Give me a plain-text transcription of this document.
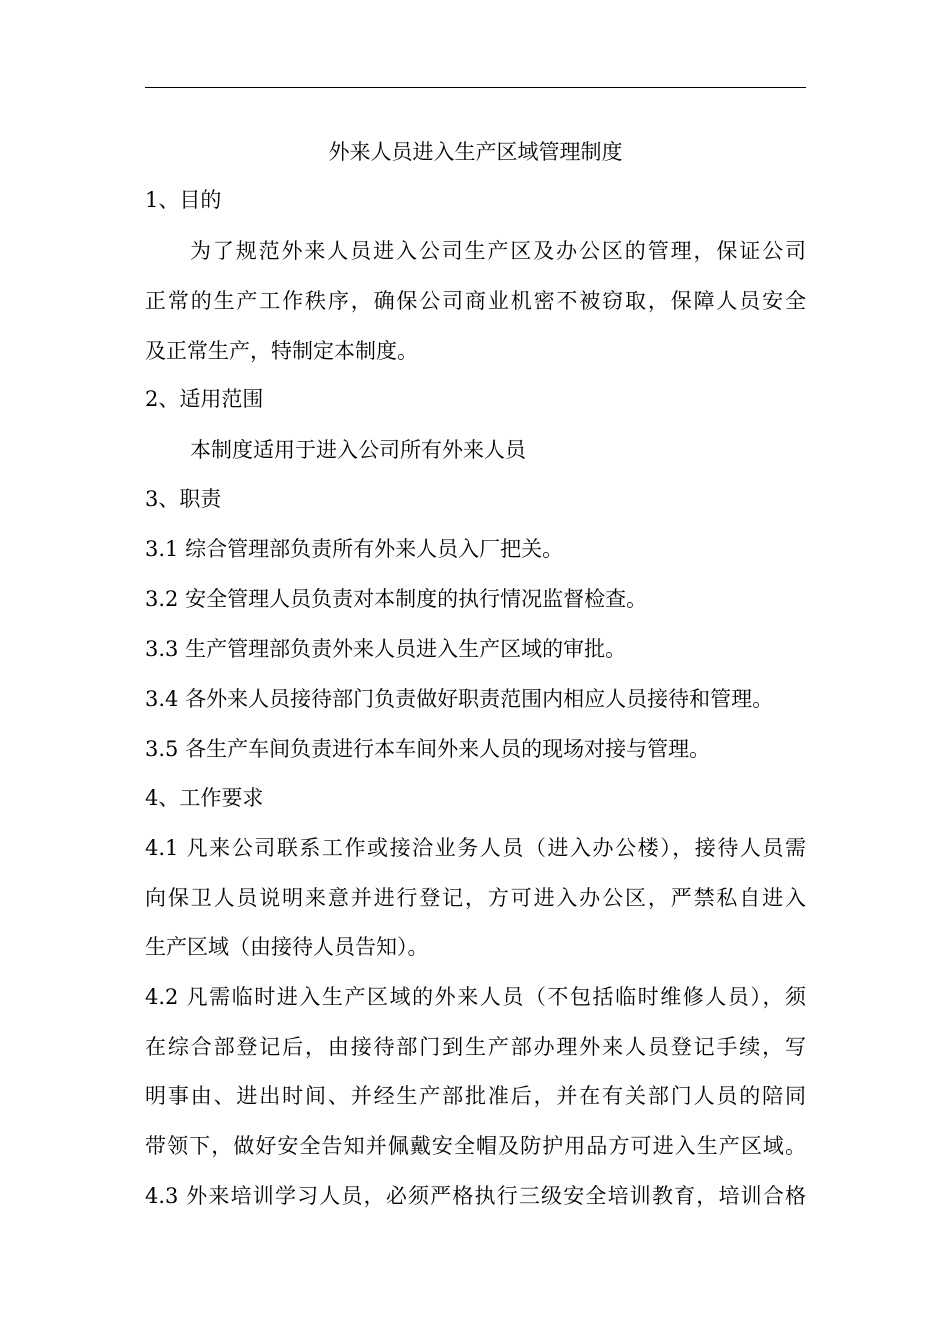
外来人员进入生产区域管理制度
1、目的
为了规范外来人员进入公司生产区及办公区的管理，保证公司
正常的生产工作秩序，确保公司商业机密不被窃取，保障人员安全
及正常生产，特制定本制度。
2、适用范围
本制度适用于进入公司所有外来人员
3、职责
3.1 综合管理部负责所有外来人员入厂把关。
3.2 安全管理人员负责对本制度的执行情况监督检查。
3.3 生产管理部负责外来人员进入生产区域的审批。
3.4 各外来人员接待部门负责做好职责范围内相应人员接待和管理。
3.5 各生产车间负责进行本车间外来人员的现场对接与管理。
4、工作要求
4.1 凡来公司联系工作或接洽业务人员（进入办公楼），接待人员需
向保卫人员说明来意并进行登记，方可进入办公区，严禁私自进入
生产区域（由接待人员告知）。
4.2 凡需临时进入生产区域的外来人员（不包括临时维修人员），须
在综合部登记后，由接待部门到生产部办理外来人员登记手续，写
明事由、进出时间、并经生产部批准后，并在有关部门人员的陪同
带领下，做好安全告知并佩戴安全帽及防护用品方可进入生产区域。
4.3 外来培训学习人员，必须严格执行三级安全培训教育，培训合格
